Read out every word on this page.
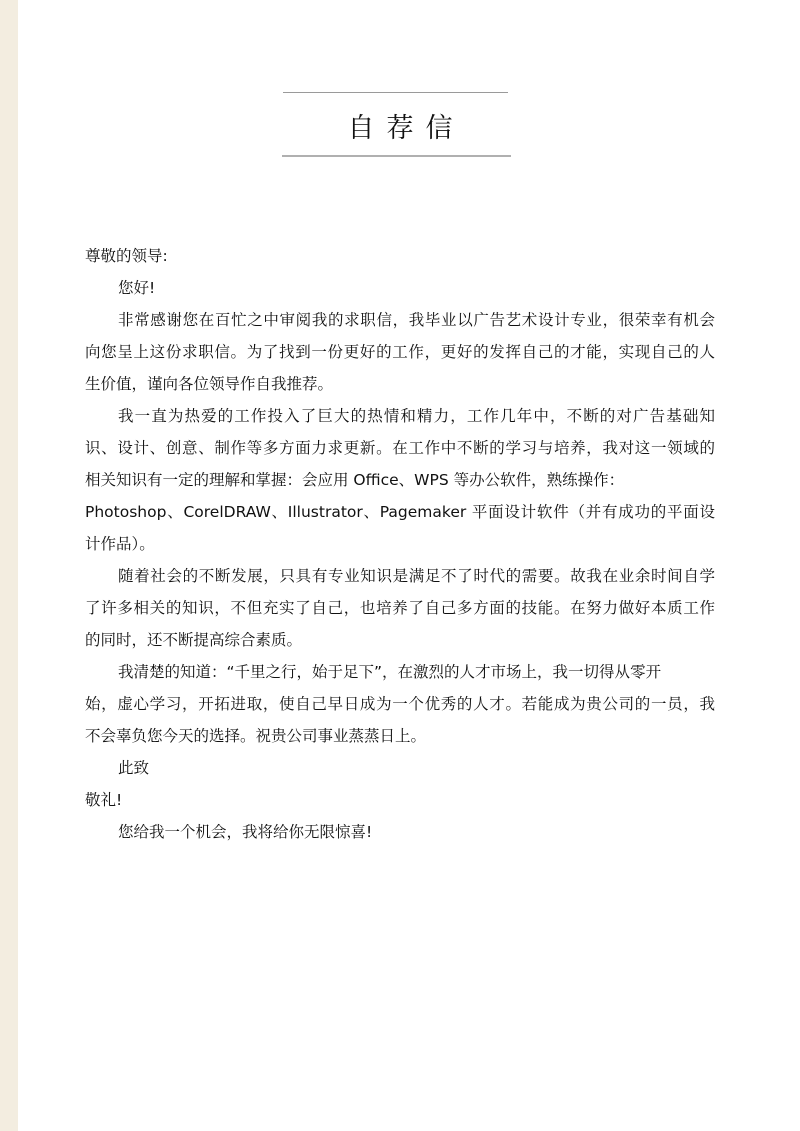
自荐信
尊敬的领导:
您好!
非常感谢您在百忙之中审阅我的求职信，我毕业以广告艺术设计专业，很荣幸有机会
向您呈上这份求职信。为了找到一份更好的工作，更好的发挥自己的才能，实现自己的人
生价值，谨向各位领导作自我推荐。
我一直为热爱的工作投入了巨大的热情和精力，工作几年中，不断的对广告基础知
识、设计、创意、制作等多方面力求更新。在工作中不断的学习与培养，我对这一领域的
相关知识有一定的理解和掌握：会应用 Office、WPS 等办公软件，熟练操作：
Photoshop、CorelDRAW、Illustrator、Pagemaker 平面设计软件（并有成功的平面设
计作品）。
随着社会的不断发展，只具有专业知识是满足不了时代的需要。故我在业余时间自学
了许多相关的知识，不但充实了自己，也培养了自己多方面的技能。在努力做好本质工作
的同时，还不断提高综合素质。
我清楚的知道：“千里之行，始于足下”，在激烈的人才市场上，我一切得从零开
始，虚心学习，开拓进取，使自己早日成为一个优秀的人才。若能成为贵公司的一员，我
不会辜负您今天的选择。祝贵公司事业蒸蒸日上。
此致
敬礼!
您给我一个机会，我将给你无限惊喜!
